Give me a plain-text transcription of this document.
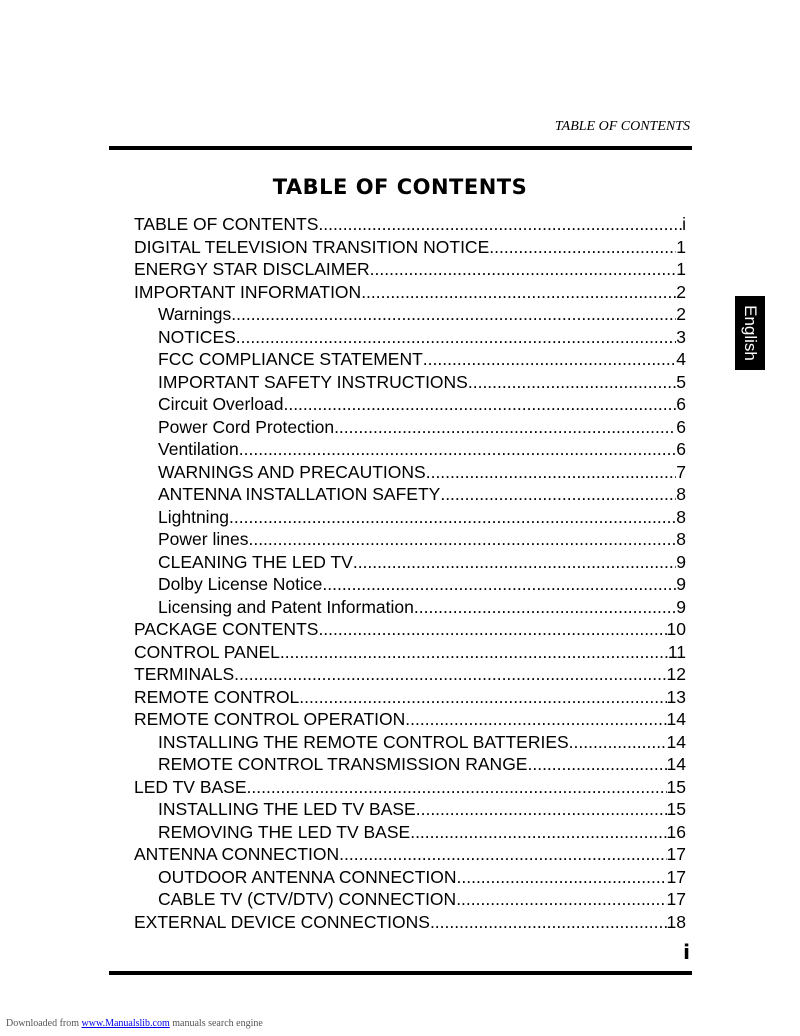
TABLE OF CONTENTS
TABLE OF CONTENTS
TABLE OF CONTENTS .....	i
DIGITAL TELEVISION TRANSITION NOTICE .....	1
ENERGY STAR DISCLAIMER .....	1
IMPORTANT INFORMATION .....	2
Warnings .....	2
NOTICES .....	3
FCC COMPLIANCE STATEMENT .....	4
IMPORTANT SAFETY INSTRUCTIONS .....	5
Circuit Overload .....	6
Power Cord Protection .....	6
Ventilation .....	6
WARNINGS AND PRECAUTIONS .....	7
ANTENNA INSTALLATION SAFETY .....	8
Lightning .....	8
Power lines .....	8
CLEANING THE LED TV .....	9
Dolby License Notice .....	9
Licensing and Patent Information .....	9
PACKAGE CONTENTS .....	10
CONTROL PANEL .....	11
TERMINALS .....	12
REMOTE CONTROL .....	13
REMOTE CONTROL OPERATION .....	14
INSTALLING THE REMOTE CONTROL BATTERIES .....	14
REMOTE CONTROL TRANSMISSION RANGE .....	14
LED TV BASE .....	15
INSTALLING THE LED TV BASE .....	15
REMOVING THE LED TV BASE .....	16
ANTENNA CONNECTION .....	17
OUTDOOR ANTENNA CONNECTION .....	17
CABLE TV (CTV/DTV) CONNECTION .....	17
EXTERNAL DEVICE CONNECTIONS .....	18
English
i
Downloaded from www.Manualslib.com manuals search engine
